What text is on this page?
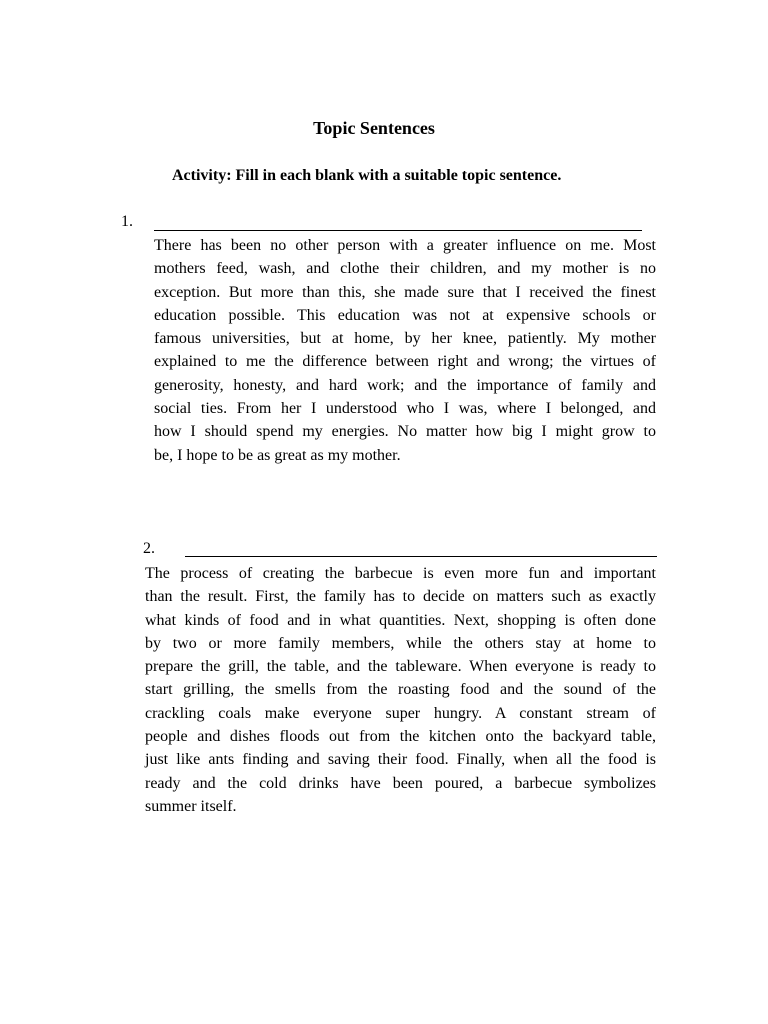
Topic Sentences
Activity: Fill in each blank with a suitable topic sentence.
1.
There has been no other person with a greater influence on me. Most
mothers feed, wash, and clothe their children, and my mother is no
exception. But more than this, she made sure that I received the finest
education possible. This education was not at expensive schools or
famous universities, but at home, by her knee, patiently. My mother
explained to me the difference between right and wrong; the virtues of
generosity, honesty, and hard work; and the importance of family and
social ties. From her I understood who I was, where I belonged, and
how I should spend my energies. No matter how big I might grow to
be, I hope to be as great as my mother.
2.
The process of creating the barbecue is even more fun and important
than the result. First, the family has to decide on matters such as exactly
what kinds of food and in what quantities. Next, shopping is often done
by two or more family members, while the others stay at home to
prepare the grill, the table, and the tableware. When everyone is ready to
start grilling, the smells from the roasting food and the sound of the
crackling coals make everyone super hungry. A constant stream of
people and dishes floods out from the kitchen onto the backyard table,
just like ants finding and saving their food. Finally, when all the food is
ready and the cold drinks have been poured, a barbecue symbolizes
summer itself.
